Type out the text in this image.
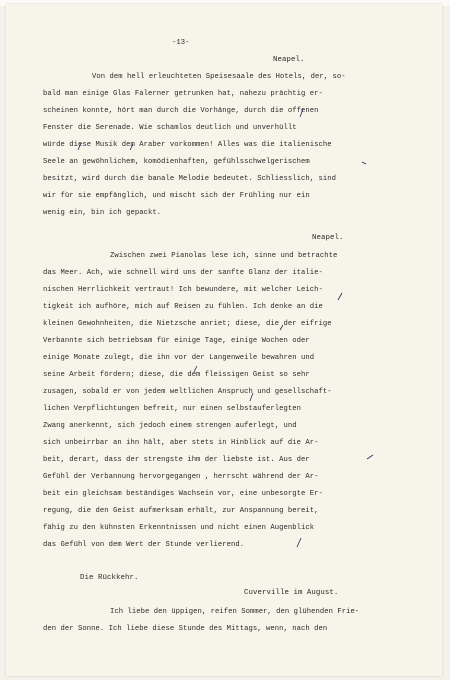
-13-
Neapel.
Von dem hell erleuchteten Speisesaale des Hotels, der, so-
bald man einige Glas Falerner getrunken hat, nahezu prächtig er-
scheinen konnte, hört man durch die Vorhänge, durch die offenen
Fenster die Serenade. Wie schamlos deutlich und unverhüllt
würde diese Musik dem Araber vorkommen! Alles was die italienische
Seele an gewöhnlichem, komödienhaften, gefühlsschwelgerischem
besitzt, wird durch die banale Melodie bedeutet. Schliesslich, sind
wir für sie empfänglich, und mischt sich der Frühling nur ein
wenig ein, bin ich gepackt.
Neapel.
Zwischen zwei Pianolas lese ich, sinne und betrachte
das Meer. Ach, wie schnell wird uns der sanfte Glanz der italie-
nischen Herrlichkeit vertraut! Ich bewundere, mit welcher Leich-
tigkeit ich aufhöre, mich auf Reisen zu fühlen. Ich denke an die
kleinen Gewohnheiten, die Nietzsche anriet; diese, die der eifrige
Verbannte sich betriebsam für einige Tage, einige Wochen oder
einige Monate zulegt, die ihn vor der Langenweile bewahren und
seine Arbeit fördern; diese, die dem fleissigen Geist so sehr
zusagen, sobald er von jedem weltlichen Anspruch und gesellschaft-
lichen Verpflichtungen befreit, nur einen selbstauferlegten
Zwang anerkennt, sich jedoch einem strengen auferlegt, und
sich unbeirrbar an ihn hält, aber stets in Hinblick auf die Ar-
beit, derart, dass der strengste ihm der liebste ist. Aus der
Gefühl der Verbannung hervorgegangen , herrscht während der Ar-
beit ein gleichsam beständiges Wachsein vor, eine unbesorgte Er-
regung, die den Geist aufmerksam erhält, zur Anspannung bereit,
fähig zu den kühnsten Erkenntnissen und nicht einen Augenblick
das Gefühl von dem Wert der Stunde verlierend.
Die Rückkehr.
Cuverville im August.
Ich liebe den üppigen, reifen Sommer, den glühenden Frie-
den der Sonne. Ich liebe diese Stunde des Mittags, wenn, nach den
